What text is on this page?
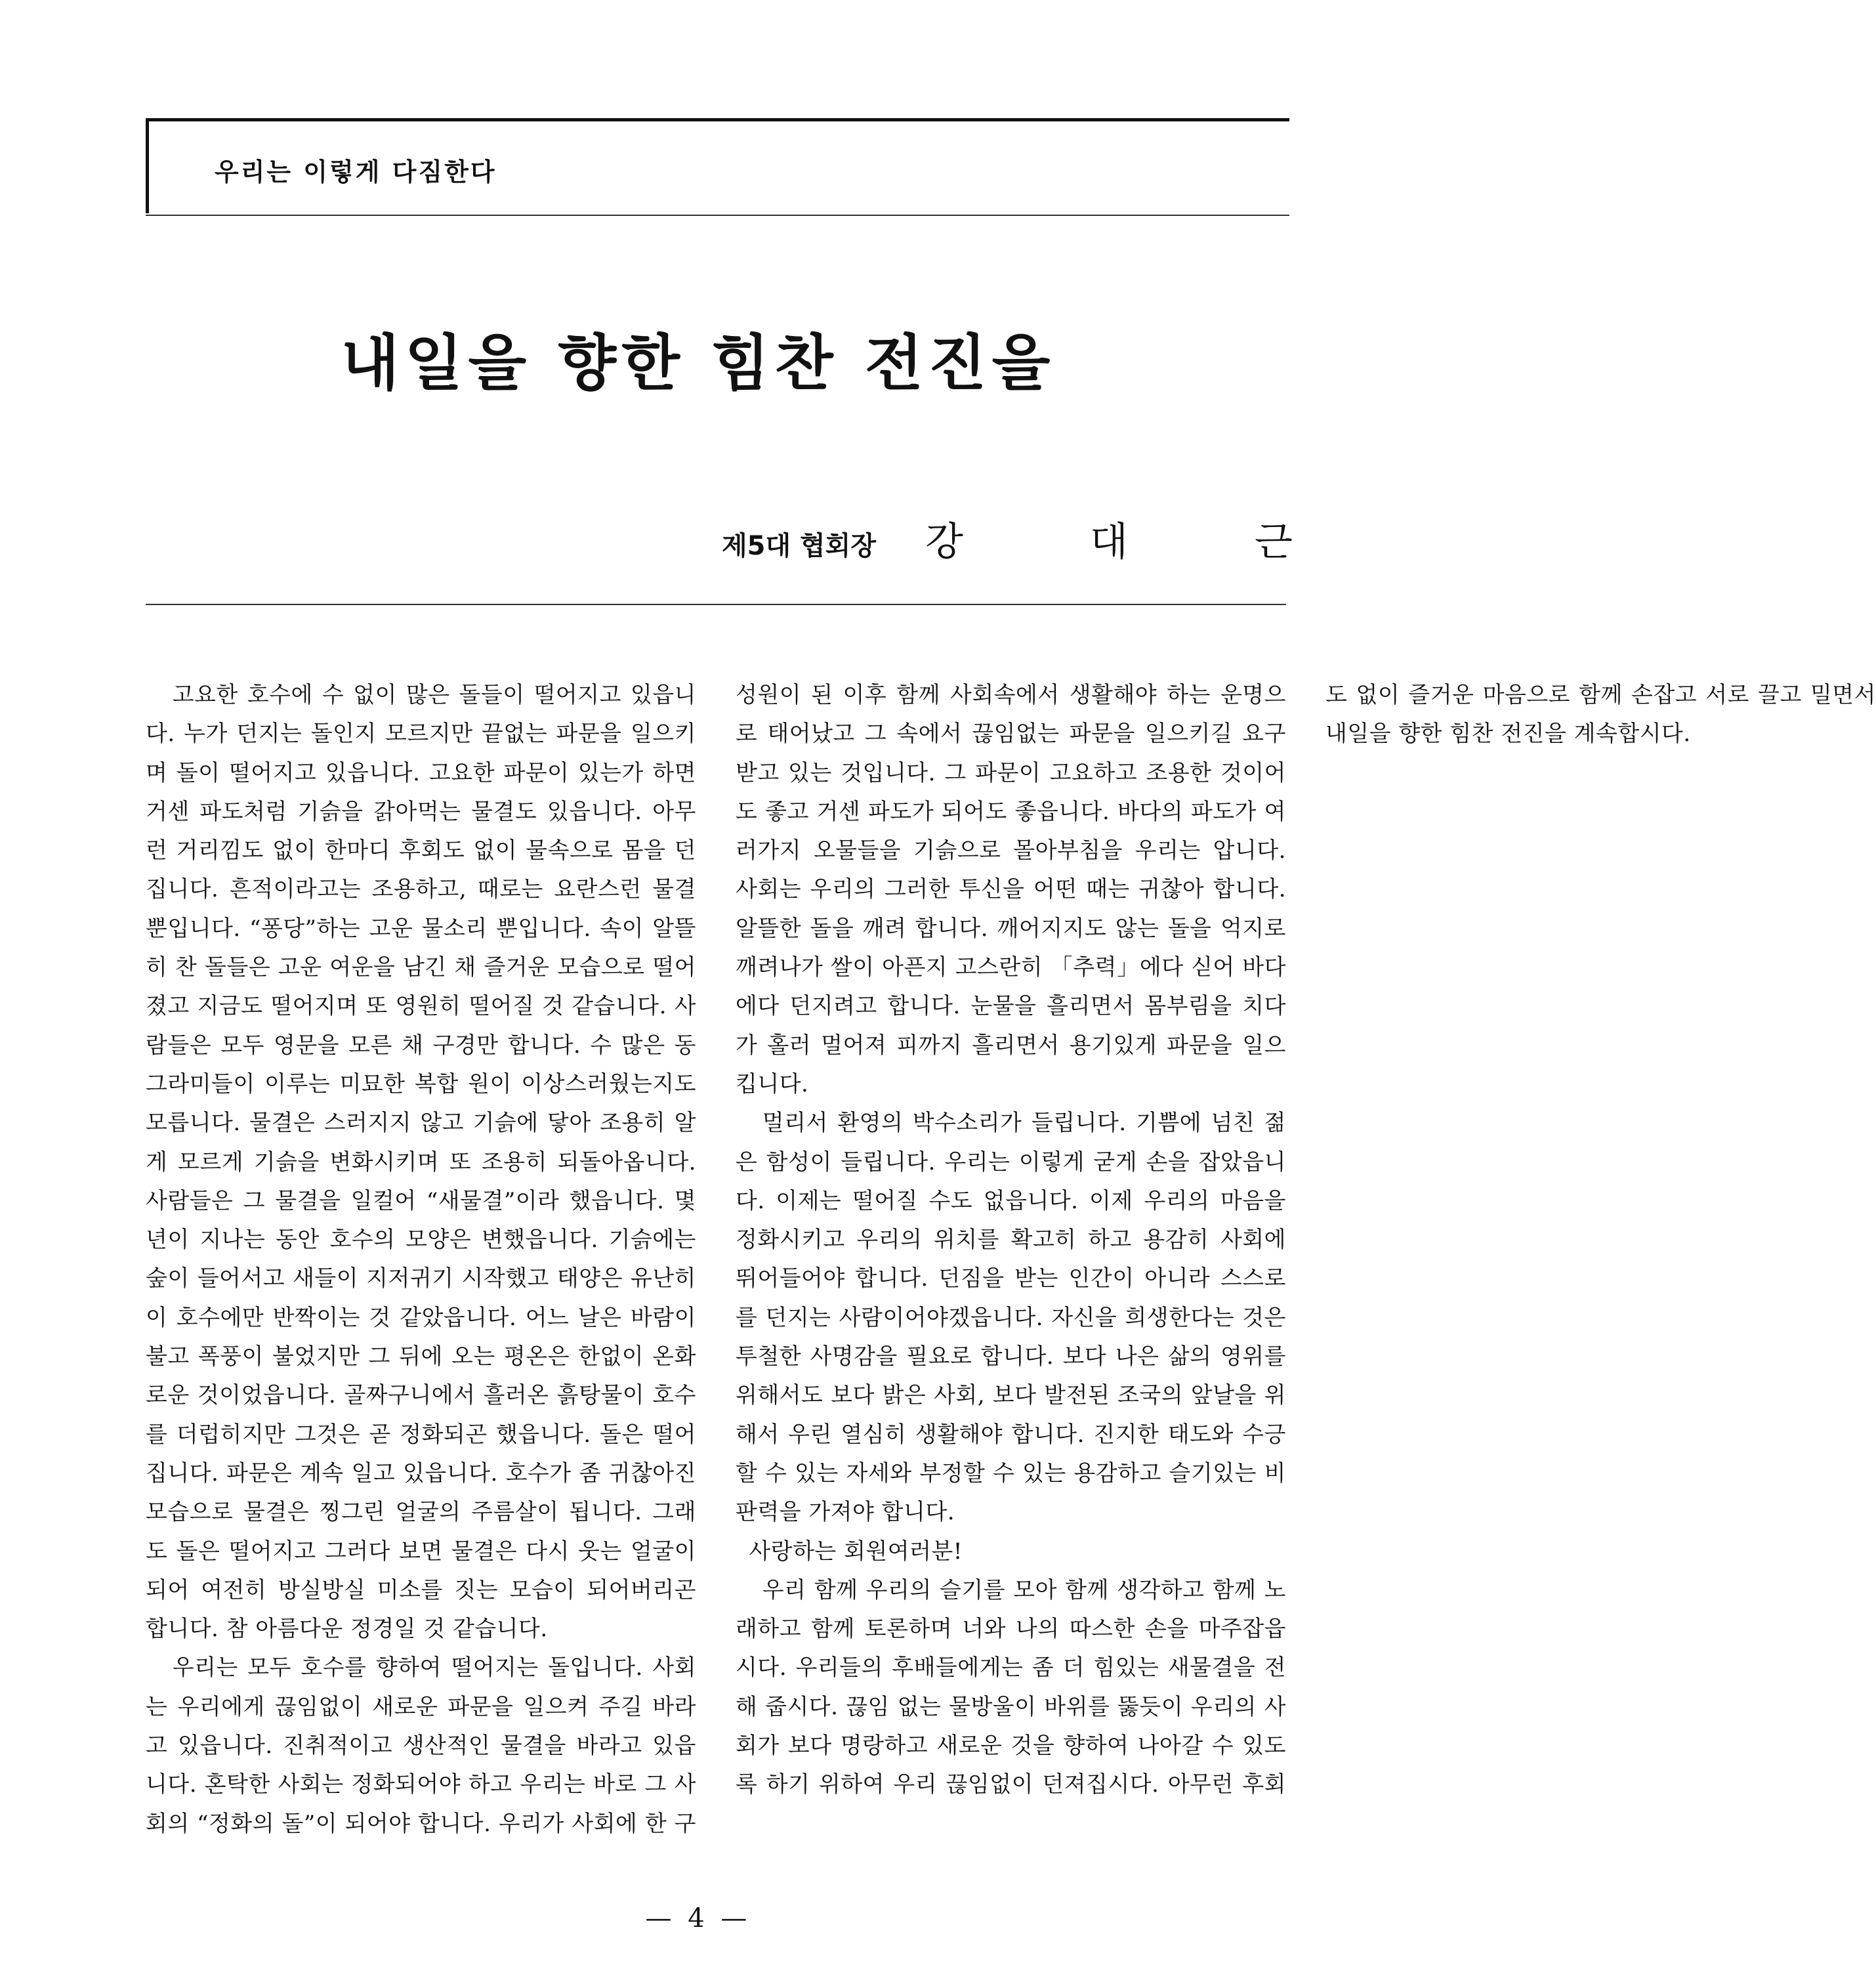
우리는 이렇게 다짐한다
내일을 향한 힘찬 전진을
제5대 협회장 강	대	근

고요한 호수에 수 없이 많은 돌들이 떨어지고 있읍니다. 누가 던지는 돌인지 모르지만 끝없는 파문을 일으키며 돌이 떨어지고 있읍니다. 고요한 파문이 있는가 하면 거센 파도처럼 기슭을 갉아먹는 물결도 있읍니다. 아무런 거리낌도 없이 한마디 후회도 없이 물속으로 몸을 던집니다. 흔적이라고는 조용하고, 때로는 요란스런 물결 뿐입니다. “퐁당”하는 고운 물소리 뿐입니다. 속이 알뜰히 찬 돌들은 고운 여운을 남긴 채 즐거운 모습으로 떨어졌고 지금도 떨어지며 또 영원히 떨어질 것 같습니다. 사람들은 모두 영문을 모른 채 구경만 합니다. 수 많은 동그라미들이 이루는 미묘한 복합 원이 이상스러웠는지도 모릅니다. 물결은 스러지지 않고 기슭에 닿아 조용히 알게 모르게 기슭을 변화시키며 또 조용히 되돌아옵니다. 사람들은 그 물결을 일컬어 “새물결”이라 했읍니다. 몇년이 지나는 동안 호수의 모양은 변했읍니다. 기슭에는 숲이 들어서고 새들이 지저귀기 시작했고 태양은 유난히 이 호수에만 반짝이는 것 같았읍니다. 어느 날은 바람이 불고 폭풍이 불었지만 그 뒤에 오는 평온은 한없이 온화로운 것이었읍니다. 골짜구니에서 흘러온 흙탕물이 호수를 더럽히지만 그것은 곧 정화되곤 했읍니다. 돌은 떨어집니다. 파문은 계속 일고 있읍니다. 호수가 좀 귀찮아진 모습으로 물결은 찡그린 얼굴의 주름살이 됩니다. 그래도 돌은 떨어지고 그러다 보면 물결은 다시 웃는 얼굴이 되어 여전히 방실방실 미소를 짓는 모습이 되어버리곤 합니다. 참 아름다운 정경일 것 같습니다.

우리는 모두 호수를 향하여 떨어지는 돌입니다. 사회는 우리에게 끊임없이 새로운 파문을 일으켜 주길 바라고 있읍니다. 진취적이고 생산적인 물결을 바라고 있읍니다. 혼탁한 사회는 정화되어야 하고 우리는 바로 그 사회의 “정화의 돌”이 되어야 합니다. 우리가 사회에 한 구성원이 된 이후 함께 사회속에서 생활해야 하는 운명으로 태어났고 그 속에서 끊임없는 파문을 일으키길 요구받고 있는 것입니다. 그 파문이 고요하고 조용한 것이어도 좋고 거센 파도가 되어도 좋읍니다. 바다의 파도가 여러가지 오물들을 기슭으로 몰아부침을 우리는 압니다. 사회는 우리의 그러한 투신을 어떤 때는 귀찮아 합니다. 알뜰한 돌을 깨려 합니다. 깨어지지도 않는 돌을 억지로 깨려나가 쌀이 아픈지 고스란히 「추력」에다 싣어 바다에다 던지려고 합니다. 눈물을 흘리면서 몸부림을 치다가 홀러 멀어져 피까지 흘리면서 용기있게 파문을 일으킵니다.

멀리서 환영의 박수소리가 들립니다. 기쁨에 넘친 젊은 함성이 들립니다. 우리는 이렇게 굳게 손을 잡았읍니다. 이제는 떨어질 수도 없읍니다. 이제 우리의 마음을 정화시키고 우리의 위치를 확고히 하고 용감히 사회에 뛰어들어야 합니다. 던짐을 받는 인간이 아니라 스스로를 던지는 사람이어야겠읍니다. 자신을 희생한다는 것은 투철한 사명감을 필요로 합니다. 보다 나은 삶의 영위를 위해서도 보다 밝은 사회, 보다 발전된 조국의 앞날을 위해서 우린 열심히 생활해야 합니다. 진지한 태도와 수긍할 수 있는 자세와 부정할 수 있는 용감하고 슬기있는 비판력을 가져야 합니다.

사랑하는 회원여러분!

우리 함께 우리의 슬기를 모아 함께 생각하고 함께 노래하고 함께 토론하며 너와 나의 따스한 손을 마주잡읍시다. 우리들의 후배들에게는 좀 더 힘있는 새물결을 전해 줍시다. 끊임 없는 물방울이 바위를 뚫듯이 우리의 사회가 보다 명랑하고 새로운 것을 향하여 나아갈 수 있도록 하기 위하여 우리 끊임없이 던져집시다. 아무런 후회도 없이 즐거운 마음으로 함께 손잡고 서로 끌고 밀면서 내일을 향한 힘찬 전진을 계속합시다.

— 4 —
